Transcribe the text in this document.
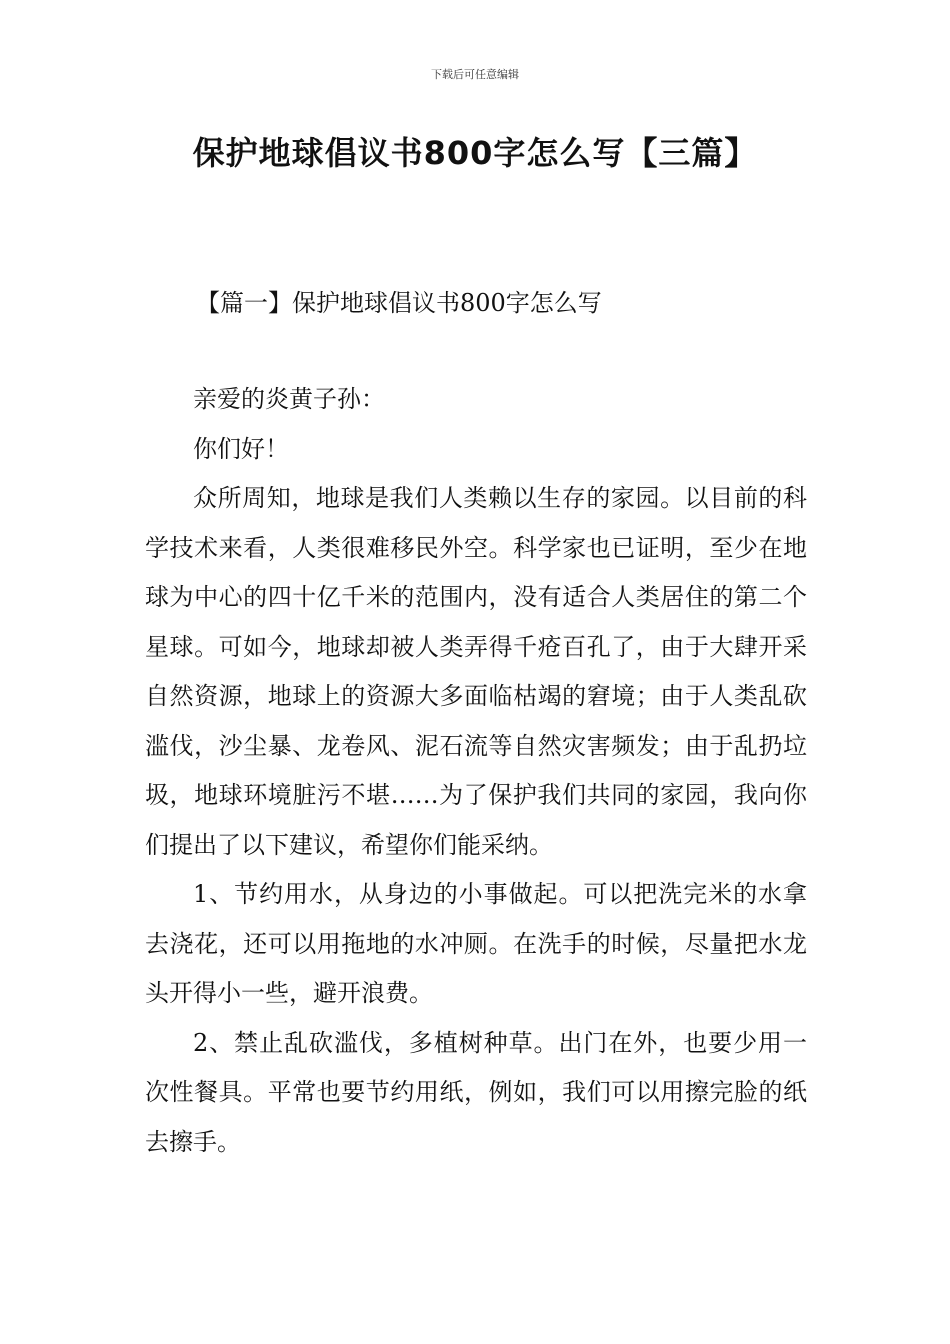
下载后可任意编辑
保护地球倡议书800字怎么写【三篇】
【篇一】保护地球倡议书800字怎么写

亲爱的炎黄子孙：

你们好！

众所周知，地球是我们人类赖以生存的家园。以目前的科学技术来看，人类很难移民外空。科学家也已证明，至少在地球为中心的四十亿千米的范围内，没有适合人类居住的第二个星球。可如今，地球却被人类弄得千疮百孔了，由于大肆开采自然资源，地球上的资源大多面临枯竭的窘境；由于人类乱砍滥伐，沙尘暴、龙卷风、泥石流等自然灾害频发；由于乱扔垃圾，地球环境脏污不堪……为了保护我们共同的家园，我向你们提出了以下建议，希望你们能采纳。

1、节约用水，从身边的小事做起。可以把洗完米的水拿去浇花，还可以用拖地的水冲厕。在洗手的时候，尽量把水龙头开得小一些，避开浪费。

2、禁止乱砍滥伐，多植树种草。出门在外，也要少用一次性餐具。平常也要节约用纸，例如，我们可以用擦完脸的纸去擦手。
